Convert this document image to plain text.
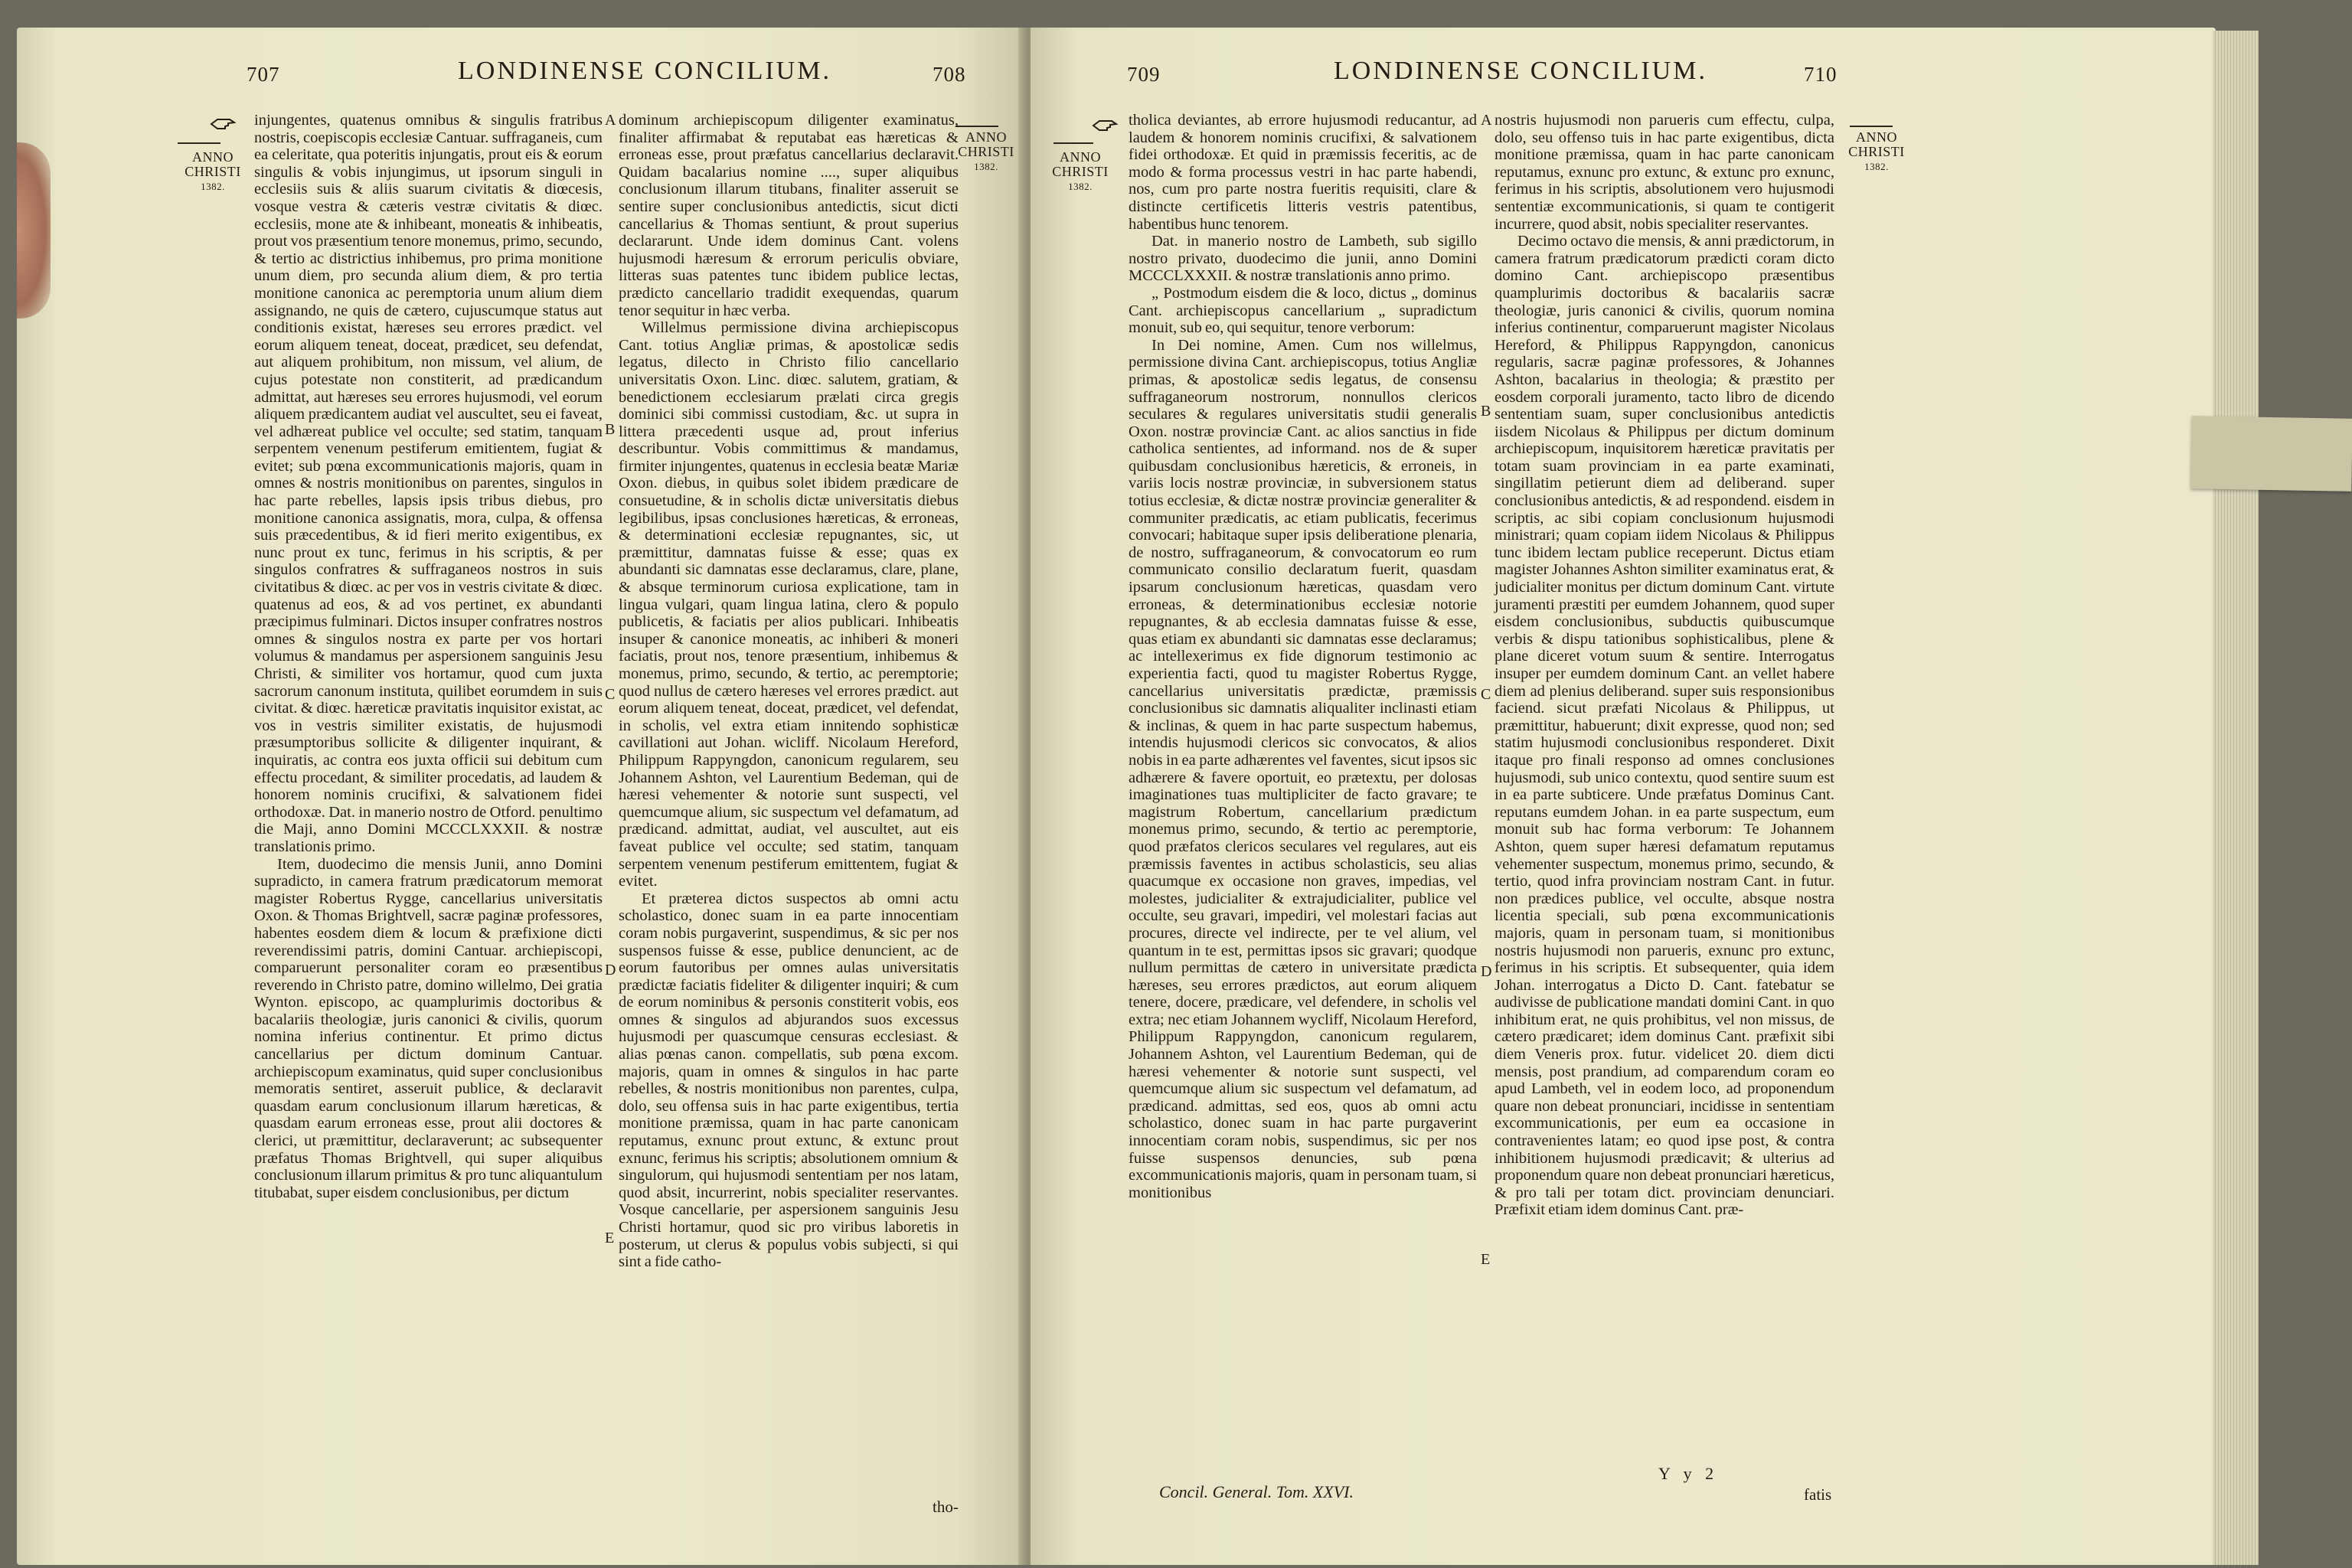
707	LONDINENSE CONCILIUM.	708
ANNO
CHRISTI
1382.
ANNO
CHRISTI
1382.

injungentes, quatenus omnibus & singulis fratribus nostris, coepiscopis ecclesiæ Cantuar. suffraganeis, cum ea celeritate, qua poteritis injungatis, prout eis & eorum singulis & vobis injungimus, ut ipsorum singuli in ecclesiis suis & aliis suarum civitatis & diœcesis, vosque vestra & cæteris vestræ civitatis & diœc. ecclesiis, mone ate & inhibeant, moneatis & inhibeatis, prout vos præsentium tenore monemus, primo, secundo, & tertio ac districtius inhibemus, pro prima monitione unum diem, pro secunda alium diem, & pro tertia monitione canonica ac peremptoria unum alium diem assignando, ne quis de cætero, cujuscumque status aut conditionis existat, hæreses seu errores prædict. vel eorum aliquem teneat, doceat, prædicet, seu defendat, aut aliquem prohibitum, non missum, vel alium, de cujus potestate non constiterit, ad prædicandum admittat, aut hæreses seu errores hujusmodi, vel eorum aliquem prædicantem audiat vel auscultet, seu ei faveat, vel adhæreat publice vel occulte; sed statim, tanquam serpentem venenum pestiferum emitientem, fugiat & evitet; sub pœna excommunicationis majoris, quam in omnes & nostris monitionibus on parentes, singulos in hac parte rebelles, lapsis ipsis tribus diebus, pro monitione canonica assignatis, mora, culpa, & offensa suis præcedentibus, & id fieri merito exigentibus, ex nunc prout ex tunc, ferimus in his scriptis, & per singulos confratres & suffraganeos nostros in suis civitatibus & diœc. ac per vos in vestris civitate & diœc. quatenus ad eos, & ad vos pertinet, ex abundanti præcipimus fulminari. Dictos insuper confratres nostros omnes & singulos nostra ex parte per vos hortari volumus & mandamus per aspersionem sanguinis Jesu Christi, & similiter vos hortamur, quod cum juxta sacrorum canonum instituta, quilibet eorumdem in suis civitat. & diœc. hæreticæ pravitatis inquisitor existat, ac vos in vestris similiter existatis, de hujusmodi præsumptoribus sollicite & diligenter inquirant, & inquiratis, ac contra eos juxta officii sui debitum cum effectu procedant, & similiter procedatis, ad laudem & honorem nominis crucifixi, & salvationem fidei orthodoxæ. Dat. in manerio nostro de Otford. penultimo die Maji, anno Domini MCCCLXXXII. & nostræ translationis primo.

Item, duodecimo die mensis Junii, anno Domini supradicto, in camera fratrum prædicatorum memorat magister Robertus Rygge, cancellarius universitatis Oxon. & Thomas Brightvell, sacræ paginæ professores, habentes eosdem diem & locum & præfixione dicti reverendissimi patris, domini Cantuar. archiepiscopi, comparuerunt personaliter coram eo præsentibus reverendo in Christo patre, domino willelmo, Dei gratia Wynton. episcopo, ac quamplurimis doctoribus & bacalariis theologiæ, juris canonici & civilis, quorum nomina inferius continentur. Et primo dictus cancellarius per dictum dominum Cantuar. archiepiscopum examinatus, quid super conclusionibus memoratis sentiret, asseruit publice, & declaravit quasdam earum conclusionum illarum hæreticas, & quasdam earum erroneas esse, prout alii doctores & clerici, ut præmittitur, declaraverunt; ac subsequenter præfatus Thomas Brightvell, qui super aliquibus conclusionum illarum primitus & pro tunc aliquantulum titubabat, super eisdem conclusionibus, per dictum

A
B
C
D
E

dominum archiepiscopum diligenter examinatus, finaliter affirmabat & reputabat eas hæreticas & erroneas esse, prout præfatus cancellarius declaravit. Quidam bacalarius nomine ...., super aliquibus conclusionum illarum titubans, finaliter asseruit se sentire super conclusionibus antedictis, sicut dicti cancellarius & Thomas sentiunt, & prout superius declararunt. Unde idem dominus Cant. volens hujusmodi hæresum & errorum periculis obviare, litteras suas patentes tunc ibidem publice lectas, prædicto cancellario tradidit exequendas, quarum tenor sequitur in hæc verba.

Willelmus permissione divina archiepiscopus Cant. totius Angliæ primas, & apostolicæ sedis legatus, dilecto in Christo filio cancellario universitatis Oxon. Linc. diœc. salutem, gratiam, & benedictionem ecclesiarum prælati circa gregis dominici sibi commissi custodiam, &c. ut supra in littera præcedenti usque ad, prout inferius describuntur. Vobis committimus & mandamus, firmiter injungentes, quatenus in ecclesia beatæ Mariæ Oxon. diebus, in quibus solet ibidem prædicare de consuetudine, & in scholis dictæ universitatis diebus legibilibus, ipsas conclusiones hæreticas, & erroneas, & determinationi ecclesiæ repugnantes, sic, ut præmittitur, damnatas fuisse & esse; quas ex abundanti sic damnatas esse declaramus, clare, plane, & absque terminorum curiosa explicatione, tam in lingua vulgari, quam lingua latina, clero & populo publicetis, & faciatis per alios publicari. Inhibeatis insuper & canonice moneatis, ac inhiberi & moneri faciatis, prout nos, tenore præsentium, inhibemus & monemus, primo, secundo, & tertio, ac peremptorie; quod nullus de cætero hæreses vel errores prædict. aut eorum aliquem teneat, doceat, prædicet, vel defendat, in scholis, vel extra etiam innitendo sophisticæ cavillationi aut Johan. wicliff. Nicolaum Hereford, Philippum Rappyngdon, canonicum regularem, seu Johannem Ashton, vel Laurentium Bedeman, qui de hæresi vehementer & notorie sunt suspecti, vel quemcumque alium, sic suspectum vel defamatum, ad prædicand. admittat, audiat, vel auscultet, aut eis faveat publice vel occulte; sed statim, tanquam serpentem venenum pestiferum emittentem, fugiat & evitet.

Et præterea dictos suspectos ab omni actu scholastico, donec suam in ea parte innocentiam coram nobis purgaverint, suspendimus, & sic per nos suspensos fuisse & esse, publice denuncient, ac de eorum fautoribus per omnes aulas universitatis prædictæ faciatis fideliter & diligenter inquiri; & cum de eorum nominibus & personis constiterit vobis, eos omnes & singulos ad abjurandos suos excessus hujusmodi per quascumque censuras ecclesiast. & alias pœnas canon. compellatis, sub pœna excom. majoris, quam in omnes & singulos in hac parte rebelles, & nostris monitionibus non parentes, culpa, dolo, seu offensa suis in hac parte exigentibus, tertia monitione præmissa, quam in hac parte canonicam reputamus, exnunc prout extunc, & extunc prout exnunc, ferimus his scriptis; absolutionem omnium & singulorum, qui hujusmodi sententiam per nos latam, quod absit, incurrerint, nobis specialiter reservantes. Vosque cancellarie, per aspersionem sanguinis Jesu Christi hortamur, quod sic pro viribus laboretis in posterum, ut clerus & populus vobis subjecti, si qui sint a fide catho-

tho-
709	LONDINENSE CONCILIUM.	710
ANNO
CHRISTI
1382.
ANNO
CHRISTI
1382.

tholica deviantes, ab errore hujusmodi reducantur, ad laudem & honorem nominis crucifixi, & salvationem fidei orthodoxæ. Et quid in præmissis feceritis, ac de modo & forma processus vestri in hac parte habendi, nos, cum pro parte nostra fueritis requisiti, clare & distincte certificetis litteris vestris patentibus, habentibus hunc tenorem.

Dat. in manerio nostro de Lambeth, sub sigillo nostro privato, duodecimo die junii, anno Domini MCCCLXXXII. & nostræ translationis anno primo.

„ Postmodum eisdem die & loco, dictus „ dominus Cant. archiepiscopus cancellarium „ supradictum monuit, sub eo, qui sequitur, tenore verborum:

In Dei nomine, Amen. Cum nos willelmus, permissione divina Cant. archiepiscopus, totius Angliæ primas, & apostolicæ sedis legatus, de consensu suffraganeorum nostrorum, nonnullos clericos seculares & regulares universitatis studii generalis Oxon. nostræ provinciæ Cant. ac alios sanctius in fide catholica sentientes, ad informand. nos de & super quibusdam conclusionibus hæreticis, & erroneis, in variis locis nostræ provinciæ, in subversionem status totius ecclesiæ, & dictæ nostræ provinciæ generaliter & communiter prædicatis, ac etiam publicatis, fecerimus convocari; habitaque super ipsis deliberatione plenaria, de nostro, suffraganeorum, & convocatorum eo rum communicato consilio declaratum fuerit, quasdam ipsarum conclusionum hæreticas, quasdam vero erroneas, & determinationibus ecclesiæ notorie repugnantes, & ab ecclesia damnatas fuisse & esse, quas etiam ex abundanti sic damnatas esse declaramus; ac intellexerimus ex fide dignorum testimonio ac experientia facti, quod tu magister Robertus Rygge, cancellarius universitatis prædictæ, præmissis conclusionibus sic damnatis aliqualiter inclinasti etiam & inclinas, & quem in hac parte suspectum habemus, intendis hujusmodi clericos sic convocatos, & alios nobis in ea parte adhærentes vel faventes, sicut ipsos sic adhærere & favere oportuit, eo prætextu, per dolosas imaginationes tuas multipliciter de facto gravare; te magistrum Robertum, cancellarium prædictum monemus primo, secundo, & tertio ac peremptorie, quod præfatos clericos seculares vel regulares, aut eis præmissis faventes in actibus scholasticis, seu alias quacumque ex occasione non graves, impedias, vel molestes, judicialiter & extrajudicialiter, publice vel occulte, seu gravari, impediri, vel molestari facias aut procures, directe vel indirecte, per te vel alium, vel quantum in te est, permittas ipsos sic gravari; quodque nullum permittas de cætero in universitate prædicta hæreses, seu errores prædictos, aut eorum aliquem tenere, docere, prædicare, vel defendere, in scholis vel extra; nec etiam Johannem wycliff, Nicolaum Hereford, Philippum Rappyngdon, canonicum regularem, Johannem Ashton, vel Laurentium Bedeman, qui de hæresi vehementer & notorie sunt suspecti, vel quemcumque alium sic suspectum vel defamatum, ad prædicand. admittas, sed eos, quos ab omni actu scholastico, donec suam in hac parte purgaverint innocentiam coram nobis, suspendimus, sic per nos fuisse suspensos denuncies, sub pœna excommunicationis majoris, quam in personam tuam, si monitionibus

A
B
C
D
E

nostris hujusmodi non parueris cum effectu, culpa, dolo, seu offenso tuis in hac parte exigentibus, dicta monitione præmissa, quam in hac parte canonicam reputamus, exnunc pro extunc, & extunc pro exnunc, ferimus in his scriptis, absolutionem vero hujusmodi sententiæ excommunicationis, si quam te contigerit incurrere, quod absit, nobis specialiter reservantes.

Decimo octavo die mensis, & anni prædictorum, in camera fratrum prædicatorum prædicti coram dicto domino Cant. archiepiscopo præsentibus quamplurimis doctoribus & bacalariis sacræ theologiæ, juris canonici & civilis, quorum nomina inferius continentur, comparuerunt magister Nicolaus Hereford, & Philippus Rappyngdon, canonicus regularis, sacræ paginæ professores, & Johannes Ashton, bacalarius in theologia; & præstito per eosdem corporali juramento, tacto libro de dicendo sententiam suam, super conclusionibus antedictis iisdem Nicolaus & Philippus per dictum dominum archiepiscopum, inquisitorem hæreticæ pravitatis per totam suam provinciam in ea parte examinati, singillatim petierunt diem ad deliberand. super conclusionibus antedictis, & ad respondend. eisdem in scriptis, ac sibi copiam conclusionum hujusmodi ministrari; quam copiam iidem Nicolaus & Philippus tunc ibidem lectam publice receperunt. Dictus etiam magister Johannes Ashton similiter examinatus erat, & judicialiter monitus per dictum dominum Cant. virtute juramenti præstiti per eumdem Johannem, quod super eisdem conclusionibus, subductis quibuscumque verbis & dispu tationibus sophisticalibus, plene & plane diceret votum suum & sentire. Interrogatus insuper per eumdem dominum Cant. an vellet habere diem ad plenius deliberand. super suis responsionibus faciend. sicut præfati Nicolaus & Philippus, ut præmittitur, habuerunt; dixit expresse, quod non; sed statim hujusmodi conclusionibus responderet. Dixit itaque pro finali responso ad omnes conclusiones hujusmodi, sub unico contextu, quod sentire suum est in ea parte subticere. Unde præfatus Dominus Cant. reputans eumdem Johan. in ea parte suspectum, eum monuit sub hac forma verborum: Te Johannem Ashton, quem super hæresi defamatum reputamus vehementer suspectum, monemus primo, secundo, & tertio, quod infra provinciam nostram Cant. in futur. non prædices publice, vel occulte, absque nostra licentia speciali, sub pœna excommunicationis majoris, quam in personam tuam, si monitionibus nostris hujusmodi non parueris, exnunc pro extunc, ferimus in his scriptis. Et subsequenter, quia idem Johan. interrogatus a Dicto D. Cant. fatebatur se audivisse de publicatione mandati domini Cant. in quo inhibitum erat, ne quis prohibitus, vel non missus, de cætero prædicaret; idem dominus Cant. præfixit sibi diem Veneris prox. futur. videlicet 20. diem dicti mensis, post prandium, ad comparendum coram eo apud Lambeth, vel in eodem loco, ad proponendum quare non debeat pronunciari, incidisse in sententiam excommunicationis, per eum ea occasione in contravenientes latam; eo quod ipse post, & contra inhibitionem hujusmodi prædicavit; & ulterius ad proponendum quare non debeat pronunciari hæreticus, & pro tali per totam dict. provinciam denunciari. Præfixit etiam idem dominus Cant. præ-

Concil. General. Tom. XXVI.
Y y 2
fatis
